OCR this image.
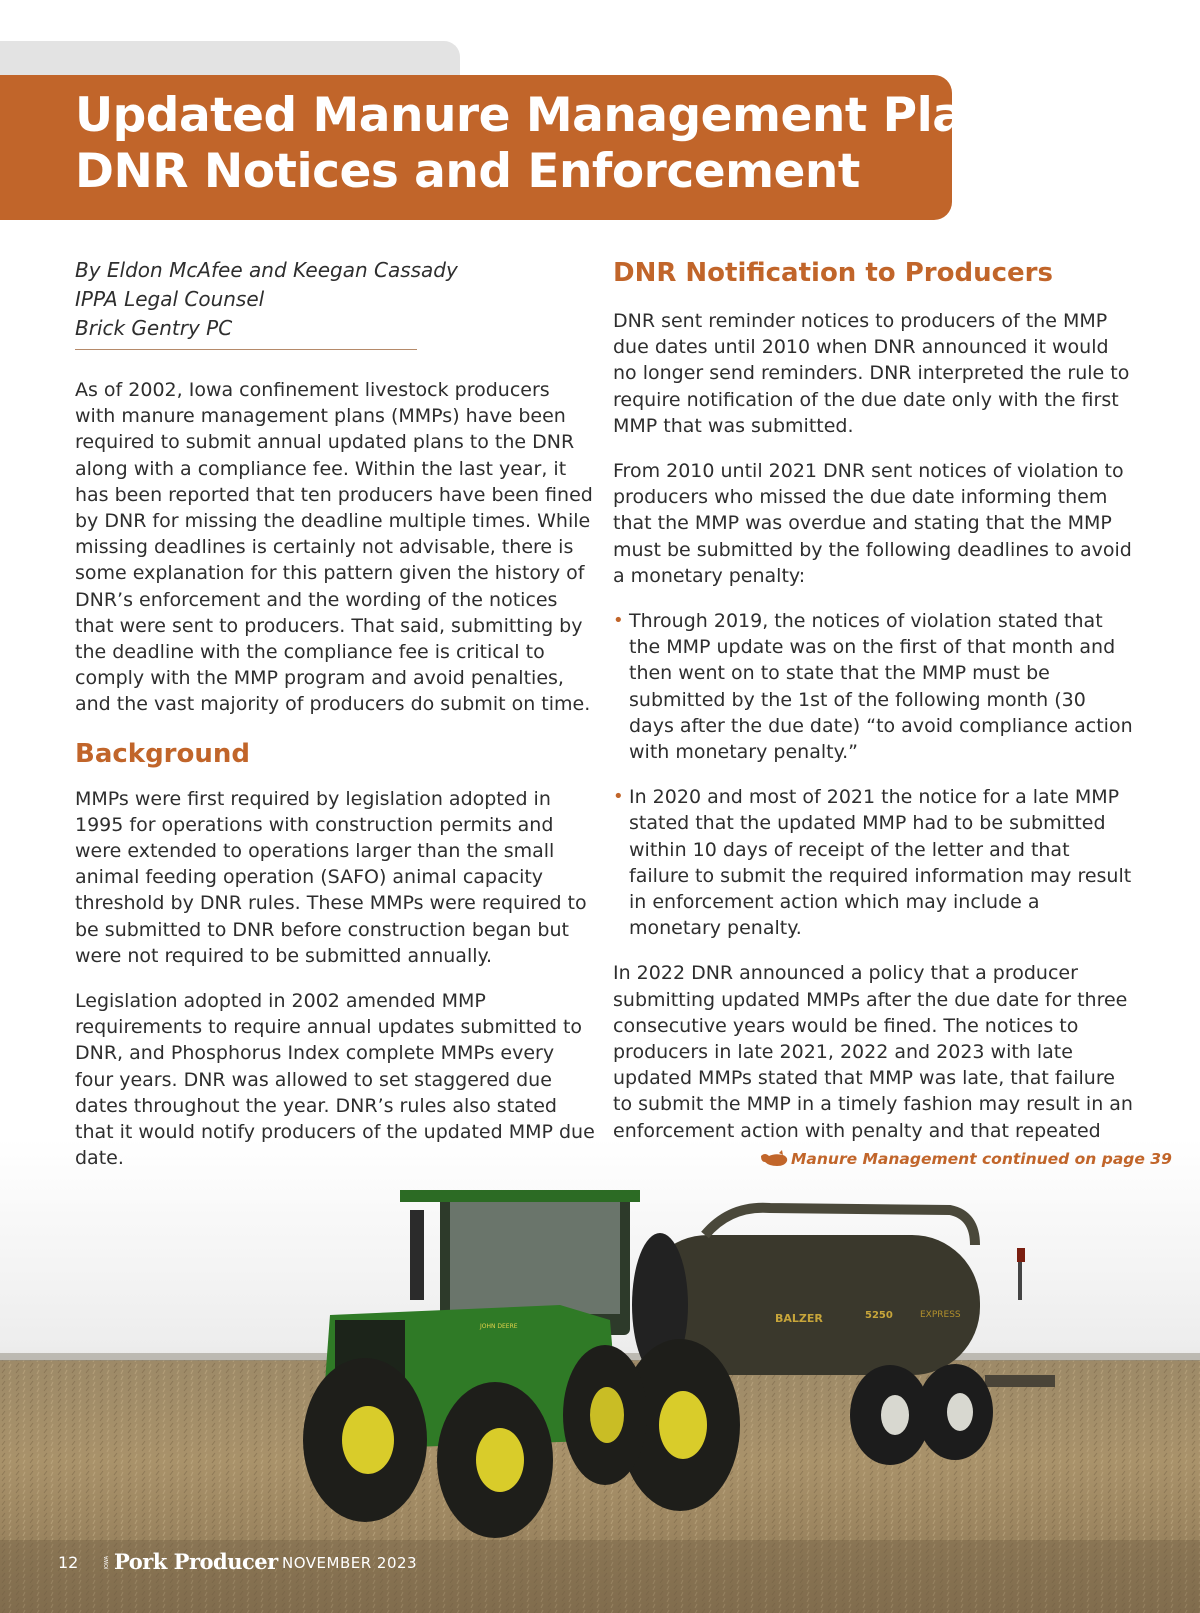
Updated Manure Management Plans;
DNR Notices and Enforcement
BALZER	5250	EXPRESS
JOHN DEERE
By Eldon McAfee and Keegan Cassady
IPPA Legal Counsel
Brick Gentry PC

As of 2002, Iowa confinement livestock producers with manure management plans (MMPs) have been required to submit annual updated plans to the DNR along with a compliance fee. Within the last year, it has been reported that ten producers have been fined by DNR for missing the deadline multiple times. While missing deadlines is certainly not advisable, there is some explanation for this pattern given the history of DNR’s enforcement and the wording of the notices that were sent to producers. That said, submitting by the deadline with the compliance fee is critical to comply with the MMP program and avoid penalties, and the vast majority of producers do submit on time.

Background

MMPs were first required by legislation adopted in 1995 for operations with construction permits and were extended to operations larger than the small animal feeding operation (SAFO) animal capacity threshold by DNR rules. These MMPs were required to be submitted to DNR before construction began but were not required to be submitted annually.

Legislation adopted in 2002 amended MMP requirements to require annual updates submitted to DNR, and Phosphorus Index complete MMPs every four years. DNR was allowed to set staggered due dates throughout the year. DNR’s rules also stated that it would notify producers of the updated MMP due date.

DNR Notification to Producers

DNR sent reminder notices to producers of the MMP due dates until 2010 when DNR announced it would no longer send reminders. DNR interpreted the rule to require notification of the due date only with the first MMP that was submitted.

From 2010 until 2021 DNR sent notices of violation to producers who missed the due date informing them that the MMP was overdue and stating that the MMP must be submitted by the following deadlines to avoid a monetary penalty:

• Through 2019, the notices of violation stated that the MMP update was on the first of that month and then went on to state that the MMP must be submitted by the 1st of the following month (30 days after the due date) “to avoid compliance action with monetary penalty.”
• In 2020 and most of 2021 the notice for a late MMP stated that the updated MMP had to be submitted within 10 days of receipt of the letter and that failure to submit the required information may result in enforcement action which may include a monetary penalty.

In 2022 DNR announced a policy that a producer submitting updated MMPs after the due date for three consecutive years would be fined. The notices to producers in late 2021, 2022 and 2023 with late updated MMPs stated that MMP was late, that failure to submit the MMP in a timely fashion may result in an enforcement action with penalty and that repeated

Manure Management continued on page 39
12	IOWA Pork Producer NOVEMBER 2023
